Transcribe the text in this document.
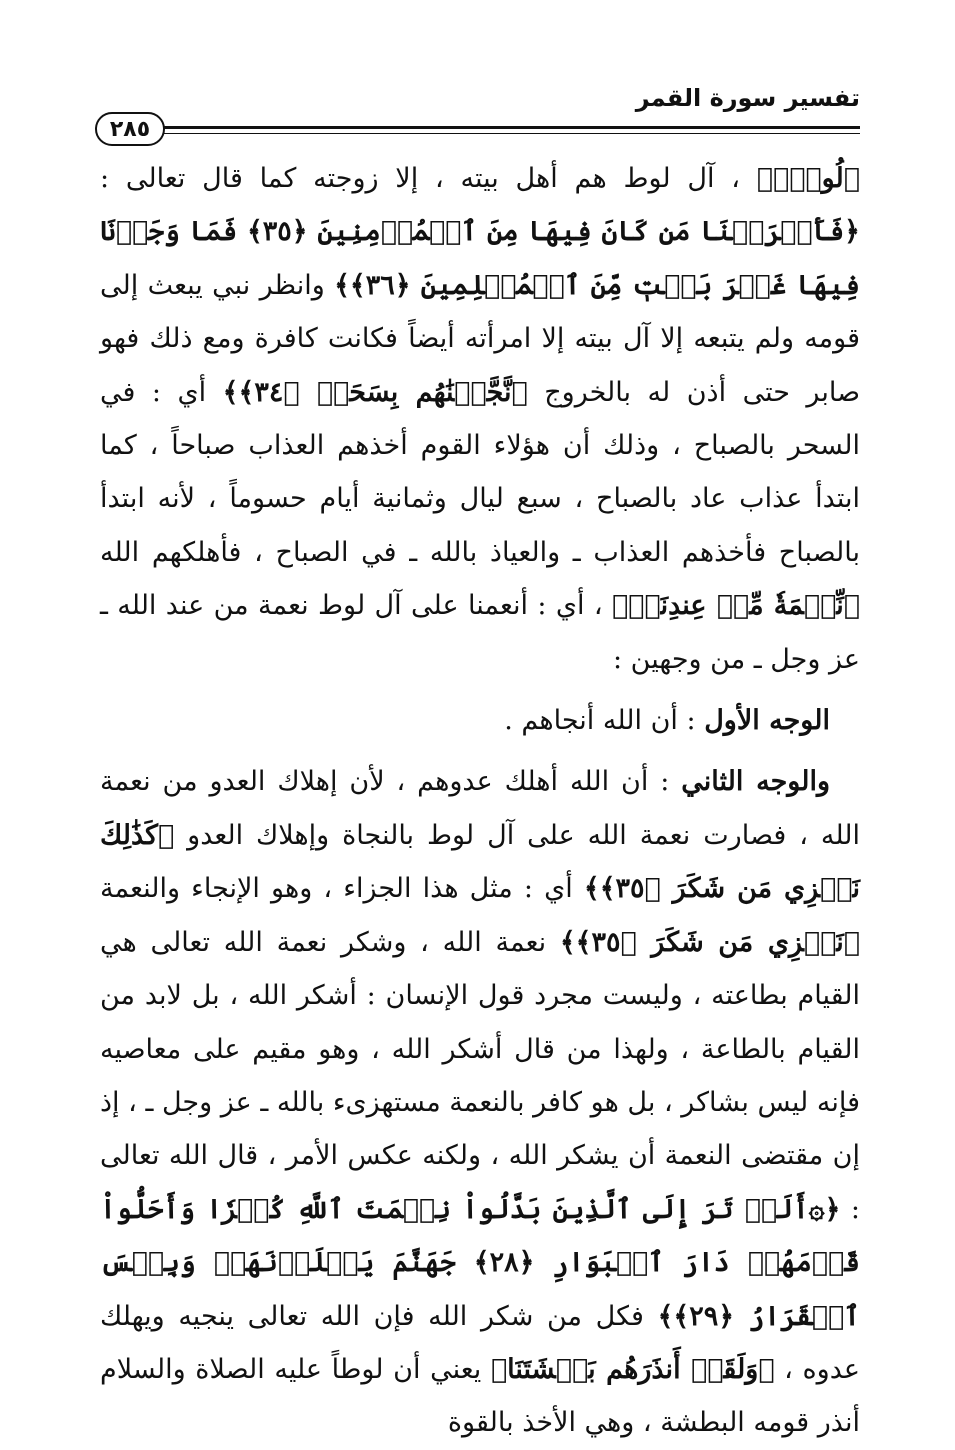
تفسير سورة القمر
٢٨٥

﴿لُوطٍۖ﴾ ، آل لوط هم أهل بيته ، إلا زوجته كما قال تعالى : ﴿فَأَخۡرَجۡنَا مَن كَانَ فِيهَا مِنَ ٱلۡمُؤۡمِنِينَ ﴿٣٥﴾ فَمَا وَجَدۡنَا فِيهَا غَيۡرَ بَيۡتٖ مِّنَ ٱلۡمُسۡلِمِينَ ﴿٣٦﴾﴾ وانظر نبي يبعث إلى قومه ولم يتبعه إلا آل بيته إلا امرأته أيضاً فكانت كافرة ومع ذلك فهو صابر حتى أذن له بالخروج ﴿نَّجَّيۡنَٰهُم بِسَحَرٖ ﴿٣٤﴾﴾ أي : في السحر بالصباح ، وذلك أن هؤلاء القوم أخذهم العذاب صباحاً ، كما ابتدأ عذاب عاد بالصباح ، سبع ليال وثمانية أيام حسوماً ، لأنه ابتدأ بالصباح فأخذهم العذاب ـ والعياذ بالله ـ في الصباح ، فأهلكهم الله ﴿نِّعۡمَةٗ مِّنۡ عِندِنَاۚ﴾ ، أي : أنعمنا على آل لوط نعمة من عند الله ـ عز وجل ـ من وجهين :

الوجه الأول : أن الله أنجاهم .

والوجه الثاني : أن الله أهلك عدوهم ، لأن إهلاك العدو من نعمة الله ، فصارت نعمة الله على آل لوط بالنجاة وإهلاك العدو ﴿كَذَٰلِكَ نَجۡزِي مَن شَكَرَ ﴿٣٥﴾﴾ أي : مثل هذا الجزاء ، وهو الإنجاء والنعمة ﴿نَجۡزِي مَن شَكَرَ ﴿٣٥﴾﴾ نعمة الله ، وشكر نعمة الله تعالى هي القيام بطاعته ، وليست مجرد قول الإنسان : أشكر الله ، بل لابد من القيام بالطاعة ، ولهذا من قال أشكر الله ، وهو مقيم على معاصيه فإنه ليس بشاكر ، بل هو كافر بالنعمة مستهزىء بالله ـ عز وجل ـ ، إذ إن مقتضى النعمة أن يشكر الله ، ولكنه عكس الأمر ، قال الله تعالى : ﴿۞أَلَمۡ تَرَ إِلَى ٱلَّذِينَ بَدَّلُواْ نِعۡمَتَ ٱللَّهِ كُفۡرٗا وَأَحَلُّواْ قَوۡمَهُمۡ دَارَ ٱلۡبَوَارِ ﴿٢٨﴾ جَهَنَّمَ يَصۡلَوۡنَهَاۖ وَبِئۡسَ ٱلۡقَرَارُ ﴿٢٩﴾﴾ فكل من شكر الله فإن الله تعالى ينجيه ويهلك عدوه ، ﴿وَلَقَدۡ أَنذَرَهُم بَطۡشَتَنَا﴾ يعني أن لوطاً عليه الصلاة والسلام أنذر قومه البطشة ، وهي الأخذ بالقوة
